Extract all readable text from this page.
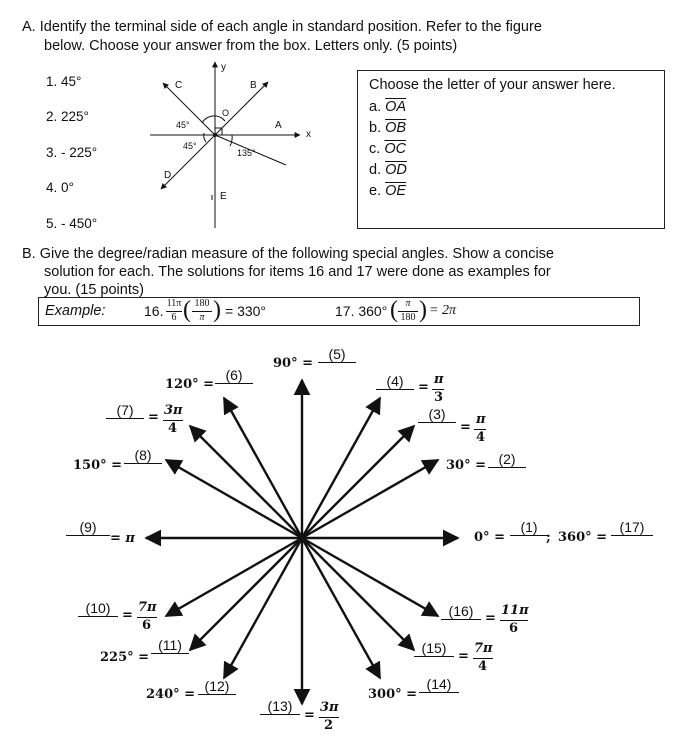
A. Identify the terminal side of each angle in standard position. Refer to the figure
below. Choose your answer from the box. Letters only. (5 points)
1. 45°
2. 225°
3. - 225°
4. 0°
5. - 450°
y
x
C	B
A
D
E
O
45°
45°
135°
Choose the letter of your answer here.
a. $\overline{OA}$
b. $\overline{OB}$
c. $\overline{OC}$
d. $\overline{OD}$
e. $\overline{OE}$
B. Give the degree/radian measure of the following special angles. Show a concise
solution for each. The solutions for items 16 and 17 were done as examples for
you. (15 points)
Example:	16. 11π
6 ( 180
π ) = 330°	17. 360° ( π
180 ) = 2π
90° =
(5)
120° =
(6)	(4)	=
π
3
(7)	= 3π
4
(3)
=
π
4
150° =
(8)
30° = (2)
(9)
= π	0° =
(1)
; 360° =
(17)
(10) =
7π
6
(16) =
11π
6
225° =
(11)	(15)
=
7π
4
240° =
(12)
300° =
(14)
(13)
=
3π
2
